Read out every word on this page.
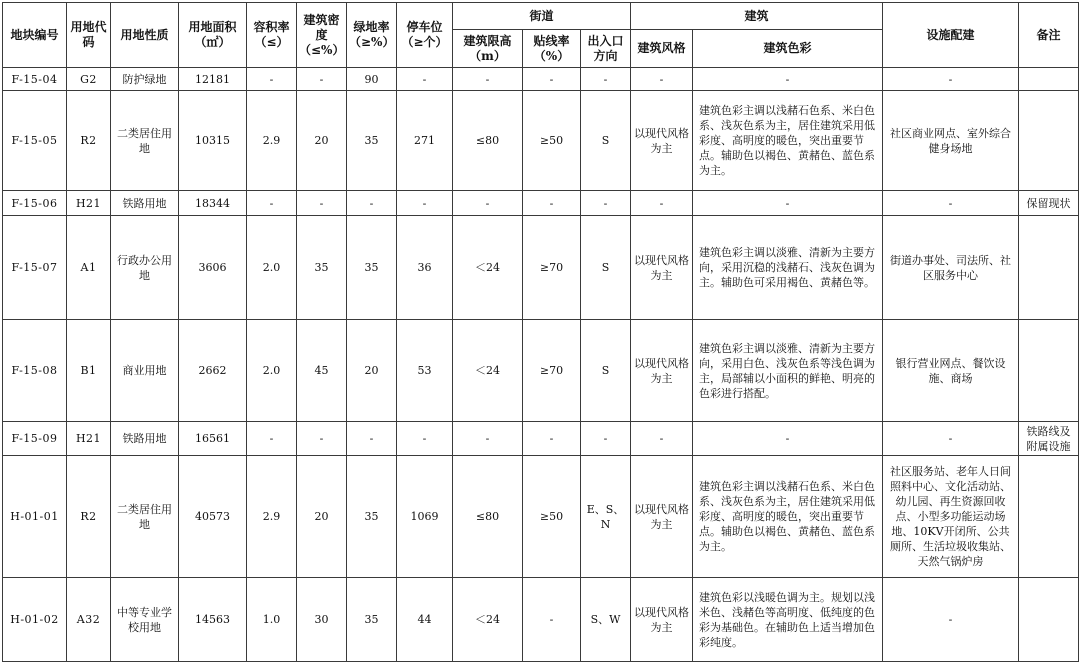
地块编号	用地代码	用地性质	用地面积（㎡）	容积率（≤）	建筑密度（≤%）	绿地率（≥%）	停车位（≥个）	街道			建筑		设施配建	备注
								建筑限高（m）	贴线率（%）	出入口方向	建筑风格	建筑色彩		
F-15-04	G2	防护绿地	12181	-	-	90	-	-	-	-	-	-	-	
F-15-05	R2	二类居住用地	10315	2.9	20	35	271	≤80	≥50	S	以现代风格为主	建筑色彩主调以浅赭石色系、米白色系、浅灰色系为主，居住建筑采用低彩度、高明度的暖色，突出重要节点。辅助色以褐色、黄赭色、蓝色系为主。	社区商业网点、室外综合健身场地	
F-15-06	H21	铁路用地	18344	-	-	-	-	-	-	-	-	-	-	保留现状
F-15-07	A1	行政办公用地	3606	2.0	35	35	36	＜24	≥70	S	以现代风格为主	建筑色彩主调以淡雅、清新为主要方向，采用沉稳的浅赭石、浅灰色调为主。辅助色可采用褐色、黄赭色等。	街道办事处、司法所、社区服务中心	
F-15-08	B1	商业用地	2662	2.0	45	20	53	＜24	≥70	S	以现代风格为主	建筑色彩主调以淡雅、清新为主要方向，采用白色、浅灰色系等浅色调为主，局部辅以小面积的鲜艳、明亮的色彩进行搭配。	银行营业网点、餐饮设施、商场	
F-15-09	H21	铁路用地	16561	-	-	-	-	-	-	-	-	-	-	铁路线及附属设施
H-01-01	R2	二类居住用地	40573	2.9	20	35	1069	≤80	≥50	E、S、N	以现代风格为主	建筑色彩主调以浅赭石色系、米白色系、浅灰色系为主，居住建筑采用低彩度、高明度的暖色，突出重要节点。辅助色以褐色、黄赭色、蓝色系为主。	社区服务站、老年人日间照料中心、文化活动站、幼儿园、再生资源回收点、小型多功能运动场地、10KV开闭所、公共厕所、生活垃圾收集站、天然气锅炉房	
H-01-02	A32	中等专业学校用地	14563	1.0	30	35	44	＜24	-	S、W	以现代风格为主	建筑色彩以浅暖色调为主。规划以浅米色、浅赭色等高明度、低纯度的色彩为基础色。在辅助色上适当增加色彩纯度。	-	
